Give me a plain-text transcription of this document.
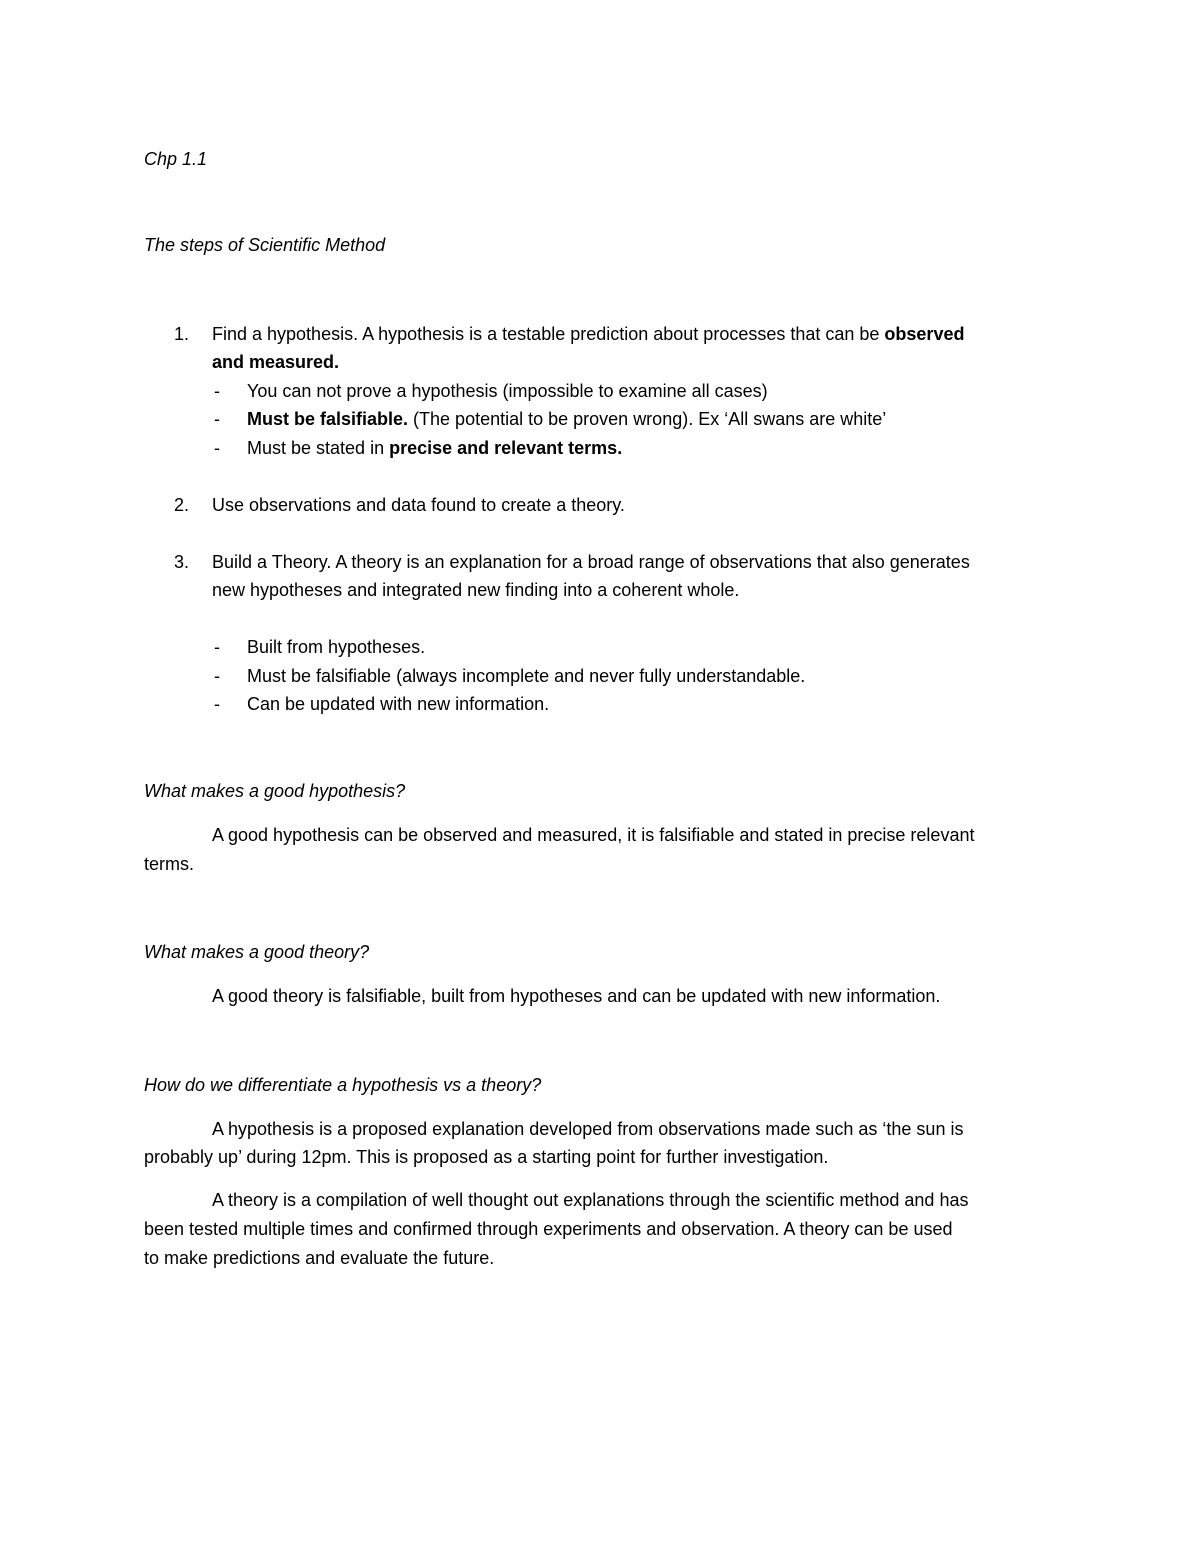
Chp 1.1
The steps of Scientific Method
1. Find a hypothesis. A hypothesis is a testable prediction about processes that can be observed
and measured.
- You can not prove a hypothesis (impossible to examine all cases)
- Must be falsifiable. (The potential to be proven wrong). Ex ‘All swans are white’
- Must be stated in precise and relevant terms.
2. Use observations and data found to create a theory.
3. Build a Theory. A theory is an explanation for a broad range of observations that also generates
new hypotheses and integrated new finding into a coherent whole.
- Built from hypotheses.
- Must be falsifiable (always incomplete and never fully understandable.
- Can be updated with new information.
What makes a good hypothesis?
A good hypothesis can be observed and measured, it is falsifiable and stated in precise relevant
terms.
What makes a good theory?
A good theory is falsifiable, built from hypotheses and can be updated with new information.
How do we differentiate a hypothesis vs a theory?
A hypothesis is a proposed explanation developed from observations made such as ‘the sun is
probably up’ during 12pm. This is proposed as a starting point for further investigation.
A theory is a compilation of well thought out explanations through the scientific method and has
been tested multiple times and confirmed through experiments and observation. A theory can be used
to make predictions and evaluate the future.
